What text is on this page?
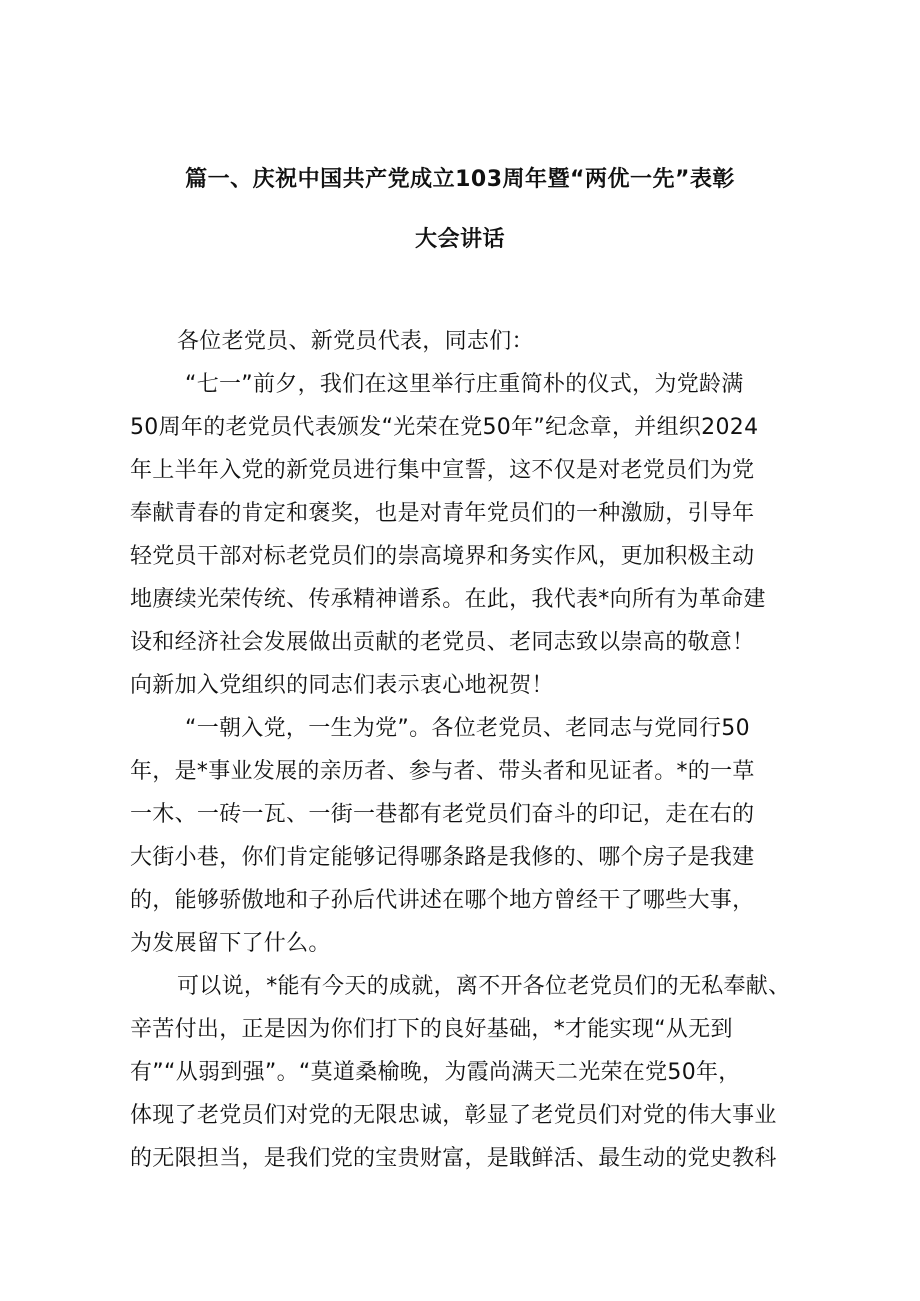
篇一、庆祝中国共产党成立103周年暨“两优一先”表彰
大会讲话
各位老党员、新党员代表，同志们：
“七一”前夕，我们在这里举行庄重简朴的仪式，为党龄满
50周年的老党员代表颁发“光荣在党50年”纪念章，并组织2024
年上半年入党的新党员进行集中宣誓，这不仅是对老党员们为党
奉献青春的肯定和褒奖，也是对青年党员们的一种激励，引导年
轻党员干部对标老党员们的崇高境界和务实作风，更加积极主动
地赓续光荣传统、传承精神谱系。在此，我代表*向所有为革命建
设和经济社会发展做出贡献的老党员、老同志致以崇高的敬意！
向新加入党组织的同志们表示衷心地祝贺！
“一朝入党，一生为党”。各位老党员、老同志与党同行50
年，是*事业发展的亲历者、参与者、带头者和见证者。*的一草
一木、一砖一瓦、一街一巷都有老党员们奋斗的印记，走在右的
大街小巷，你们肯定能够记得哪条路是我修的、哪个房子是我建
的，能够骄傲地和子孙后代讲述在哪个地方曾经干了哪些大事，
为发展留下了什么。
可以说，*能有今天的成就，离不开各位老党员们的无私奉献、
辛苦付出，正是因为你们打下的良好基础，*才能实现“从无到
有”“从弱到强”。“莫道桑榆晚，为霞尚满天二光荣在党50年，
体现了老党员们对党的无限忠诚，彰显了老党员们对党的伟大事业
的无限担当，是我们党的宝贵财富，是戢鲜活、最生动的党史教科
